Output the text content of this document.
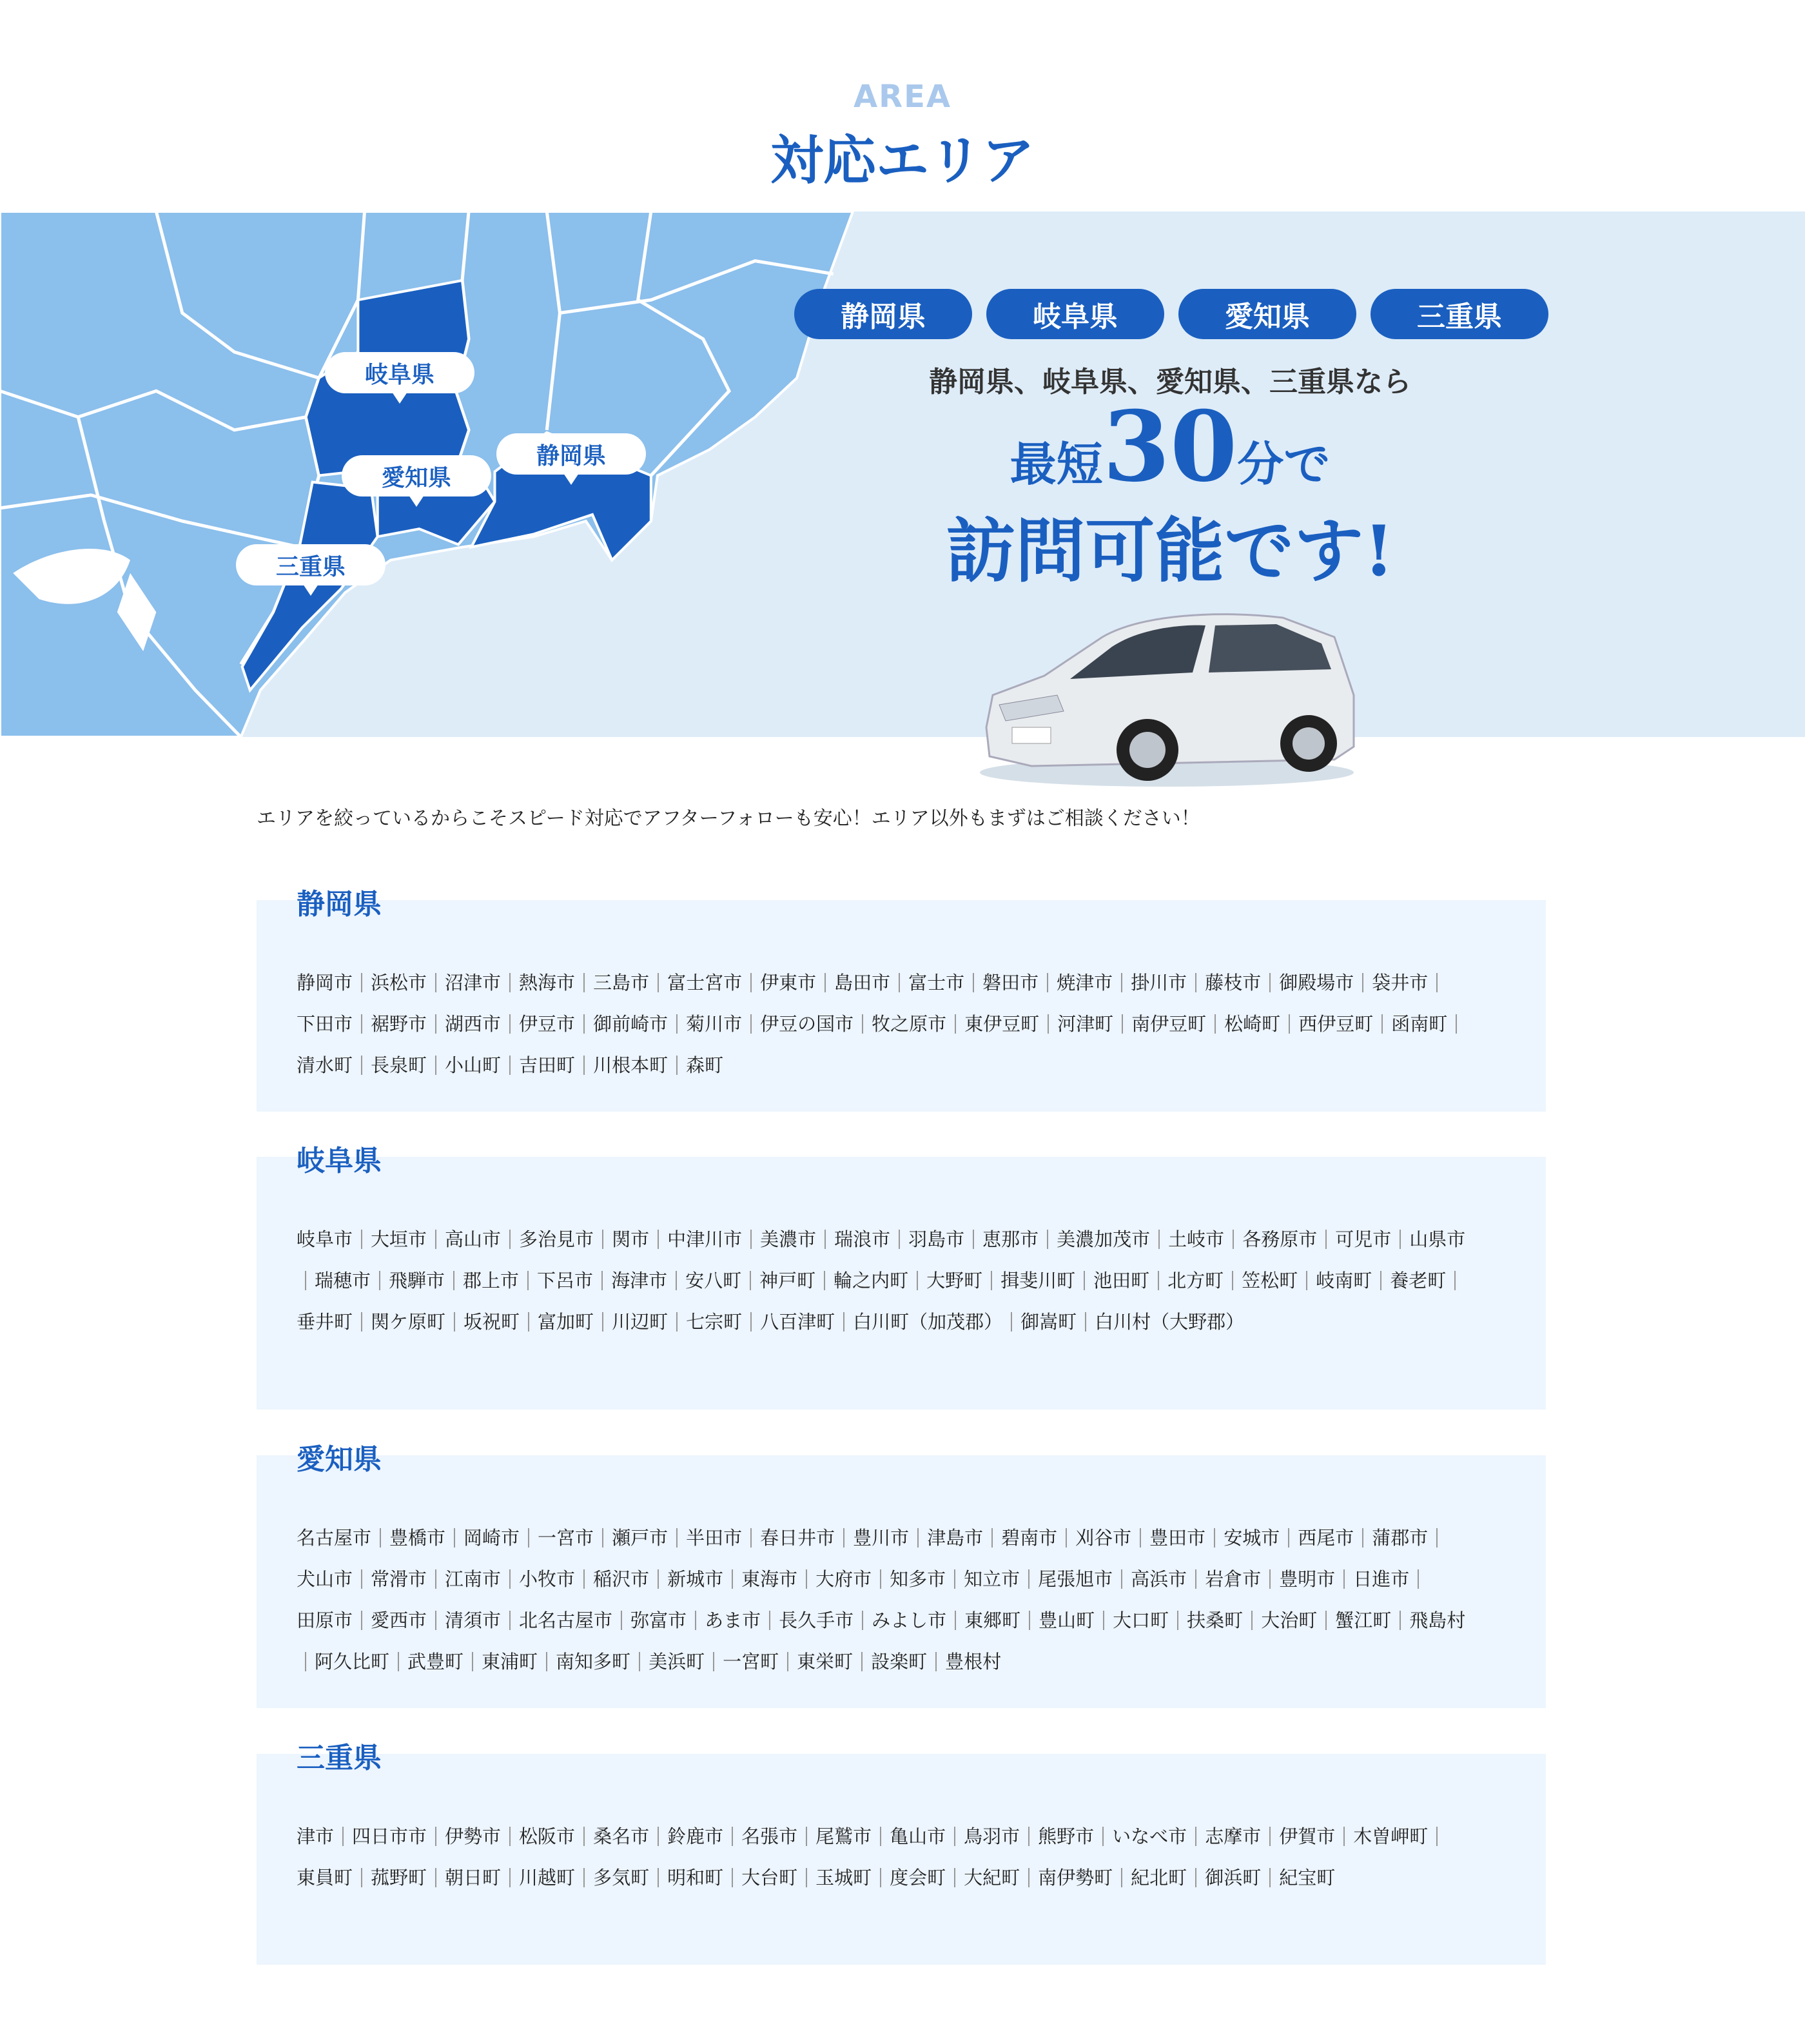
AREA
対応エリア
岐阜県
愛知県
静岡県
三重県
静岡県	岐阜県	愛知県	三重県
静岡県、岐阜県、愛知県、三重県なら
最短30分で
訪問可能です!

エリアを絞っているからこそスピード対応でアフターフォローも安心！エリア以外もまずはご相談ください！

静岡県
静岡市 浜松市 沼津市 熱海市 三島市 富士宮市 伊東市 島田市 富士市 磐田市 焼津市 掛川市 藤枝市 御殿場市 袋井市下田市 裾野市 湖西市 伊豆市 御前崎市 菊川市 伊豆の国市 牧之原市 東伊豆町 河津町 南伊豆町 松崎町 西伊豆町 函南町清水町 長泉町 小山町 吉田町 川根本町 森町
岐阜県
岐阜市 大垣市 高山市 多治見市 関市 中津川市 美濃市 瑞浪市 羽島市 恵那市 美濃加茂市 土岐市 各務原市 可児市 山県市瑞穂市 飛騨市 郡上市 下呂市 海津市 安八町 神戸町 輪之内町 大野町 揖斐川町 池田町 北方町 笠松町 岐南町 養老町垂井町 関ケ原町 坂祝町 富加町 川辺町 七宗町 八百津町 白川町（加茂郡） 御嵩町 白川村（大野郡）
愛知県
名古屋市 豊橋市 岡崎市 一宮市 瀬戸市 半田市 春日井市 豊川市 津島市 碧南市 刈谷市 豊田市 安城市 西尾市 蒲郡市犬山市 常滑市 江南市 小牧市 稲沢市 新城市 東海市 大府市 知多市 知立市 尾張旭市 高浜市 岩倉市 豊明市 日進市田原市 愛西市 清須市 北名古屋市 弥富市 あま市 長久手市 みよし市 東郷町 豊山町 大口町 扶桑町 大治町 蟹江町 飛島村阿久比町 武豊町 東浦町 南知多町 美浜町 一宮町 東栄町 設楽町 豊根村
三重県
津市 四日市市 伊勢市 松阪市 桑名市 鈴鹿市 名張市 尾鷲市 亀山市 鳥羽市 熊野市 いなべ市 志摩市 伊賀市 木曽岬町東員町 菰野町 朝日町 川越町 多気町 明和町 大台町 玉城町 度会町 大紀町 南伊勢町 紀北町 御浜町 紀宝町
